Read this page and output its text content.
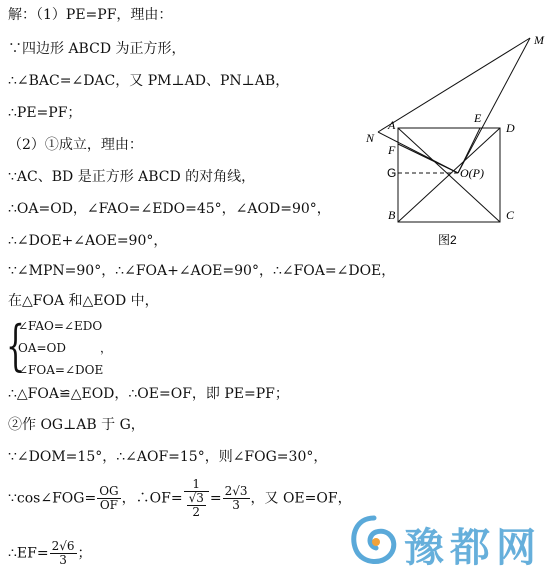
解：（1）PE=PF，理由：
∵四边形 ABCD 为正方形，
∴∠BAC=∠DAC，又 PM⊥AD、PN⊥AB，
∴PE=PF；
（2）①成立，理由：
∵AC、BD 是正方形 ABCD 的对角线，
∴OA=OD，∠FAO=∠EDO=45°，∠AOD=90°，
∴∠DOE+∠AOE=90°，
∵∠MPN=90°，∴∠FOA+∠AOE=90°，∴∠FOA=∠DOE，
在△FOA 和△EOD 中，
{
∠FAO=∠EDO
OA=OD	，
∠FOA=∠DOE
∴△FOA≌△EOD，∴OE=OF，即 PE=PF；
②作 OG⊥AB 于 G，
∵∠DOM=15°，∴∠AOF=15°，则∠FOG=30°，
∵cos∠FOG= $\frac{OG}{OF}$ ，∴OF= $\frac{1}{\frac{√3}{2}} = \frac{2√3}{3}$ ，又 OE=OF，
∴EF= $\frac{2√6}{3}$ ；
M
N
A	E
D
F
G	O(P)
B	C
图2
豫都网
